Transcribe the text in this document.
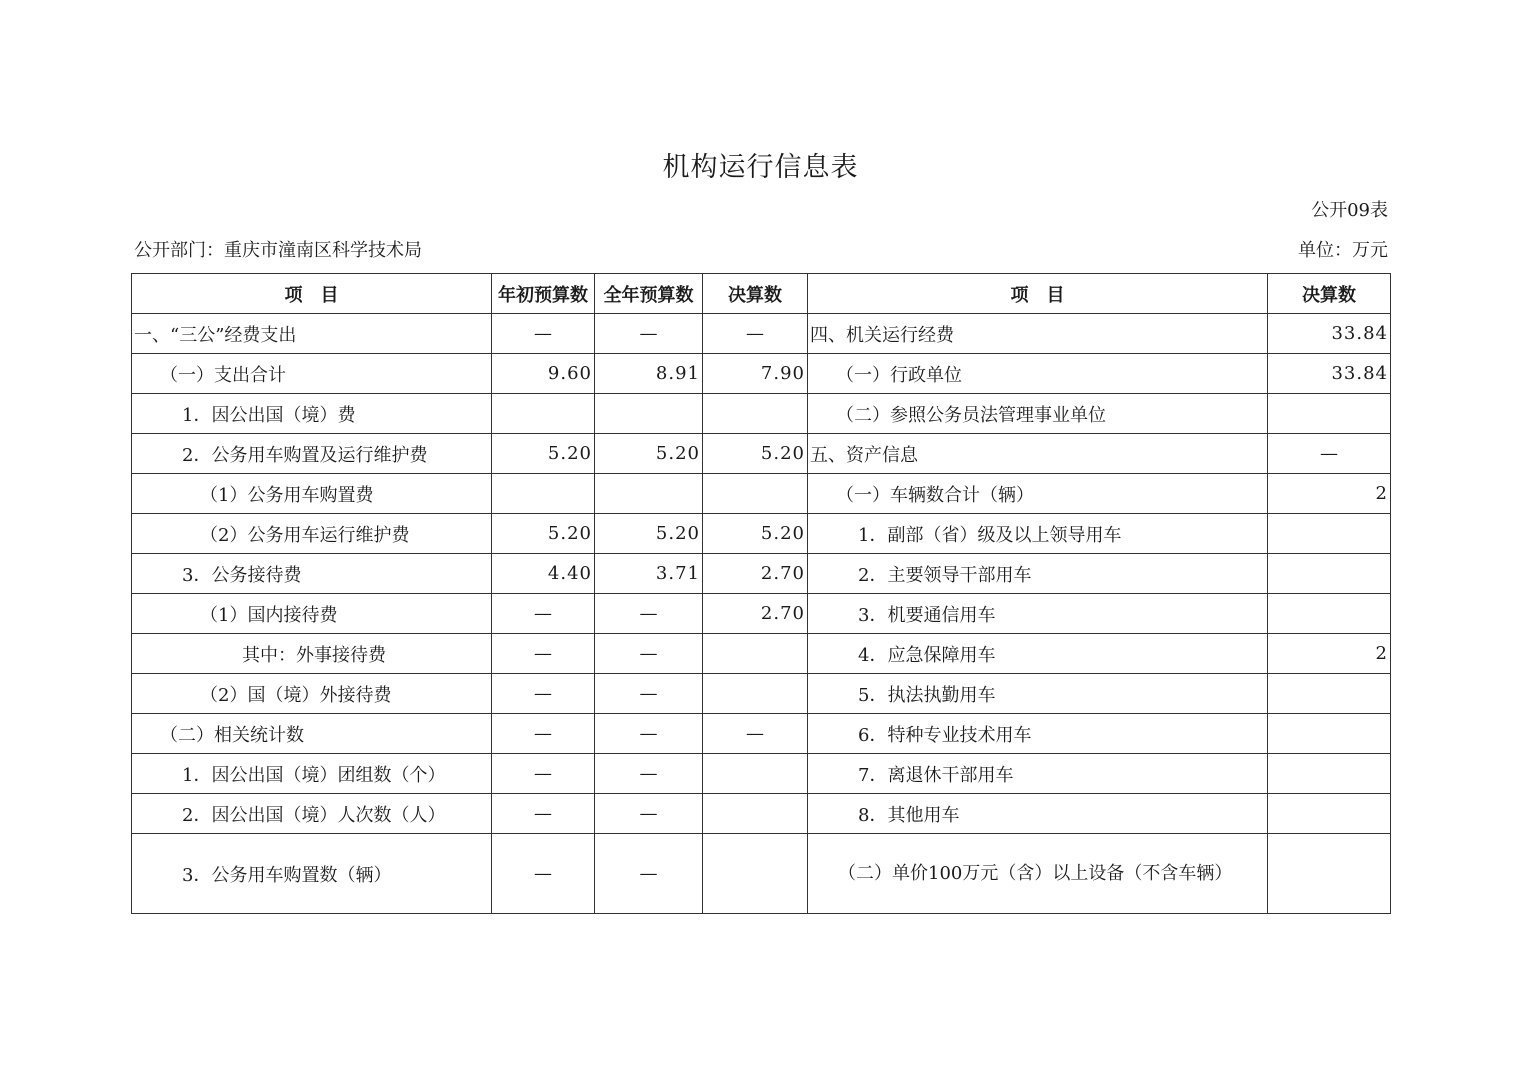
机构运行信息表
公开09表
公开部门：重庆市潼南区科学技术局	单位：万元
项　目	年初预算数	全年预算数	决算数	项　目	决算数
一、“三公”经费支出	—	—	—	四、机关运行经费	33.84
（一）支出合计	9.60	8.91	7.90	（一）行政单位	33.84
1．因公出国（境）费				（二）参照公务员法管理事业单位	
2．公务用车购置及运行维护费	5.20	5.20	5.20	五、资产信息	—
（1）公务用车购置费				（一）车辆数合计（辆）	2
（2）公务用车运行维护费	5.20	5.20	5.20	1．副部（省）级及以上领导用车	
3．公务接待费	4.40	3.71	2.70	2．主要领导干部用车	
（1）国内接待费	—	—	2.70	3．机要通信用车	
其中：外事接待费	—	—		4．应急保障用车	2
（2）国（境）外接待费	—	—		5．执法执勤用车	
（二）相关统计数	—	—	—	6．特种专业技术用车	
1．因公出国（境）团组数（个）	—	—		7．离退休干部用车	
2．因公出国（境）人次数（人）	—	—		8．其他用车	
3．公务用车购置数（辆）	—	—		（二）单价100万元（含）以上设备（不含车辆）	
